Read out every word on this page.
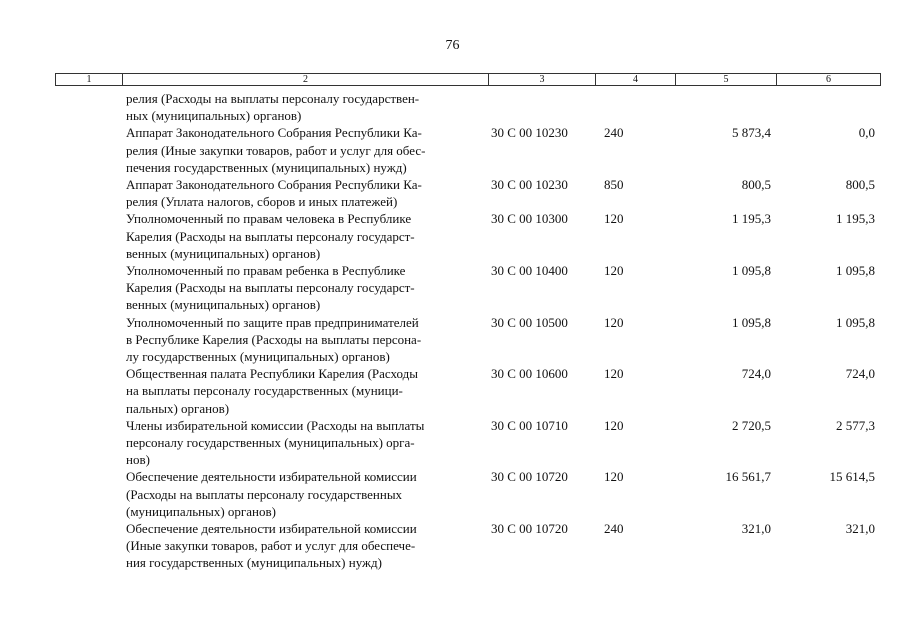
76
1	2	3	4	5	6
релия (Расходы на выплаты персоналу государствен-
ных (муниципальных) органов)
Аппарат Законодательного Собрания Республики Ка-
релия (Иные закупки товаров, работ и услуг для обес-
печения государственных (муниципальных) нужд)
30 С 00 10230	240	5 873,4	0,0
Аппарат Законодательного Собрания Республики Ка-
релия (Уплата налогов, сборов и иных платежей)
30 С 00 10230	850	800,5	800,5
Уполномоченный по правам человека в Республике
Карелия (Расходы на выплаты персоналу государст-
венных (муниципальных) органов)
30 С 00 10300	120	1 195,3	1 195,3
Уполномоченный по правам ребенка в Республике
Карелия (Расходы на выплаты персоналу государст-
венных (муниципальных) органов)
30 С 00 10400	120	1 095,8	1 095,8
Уполномоченный по защите прав предпринимателей
в Республике Карелия (Расходы на выплаты персона-
лу государственных (муниципальных) органов)
30 С 00 10500	120	1 095,8	1 095,8
Общественная палата Республики Карелия (Расходы
на выплаты персоналу государственных (муници-
пальных) органов)
30 С 00 10600	120	724,0	724,0
Члены избирательной комиссии (Расходы на выплаты
персоналу государственных (муниципальных) орга-
нов)
30 С 00 10710	120	2 720,5	2 577,3
Обеспечение деятельности избирательной комиссии
(Расходы на выплаты персоналу государственных
(муниципальных) органов)
30 С 00 10720	120	16 561,7	15 614,5
Обеспечение деятельности избирательной комиссии
(Иные закупки товаров, работ и услуг для обеспече-
ния государственных (муниципальных) нужд)
30 С 00 10720	240	321,0	321,0
